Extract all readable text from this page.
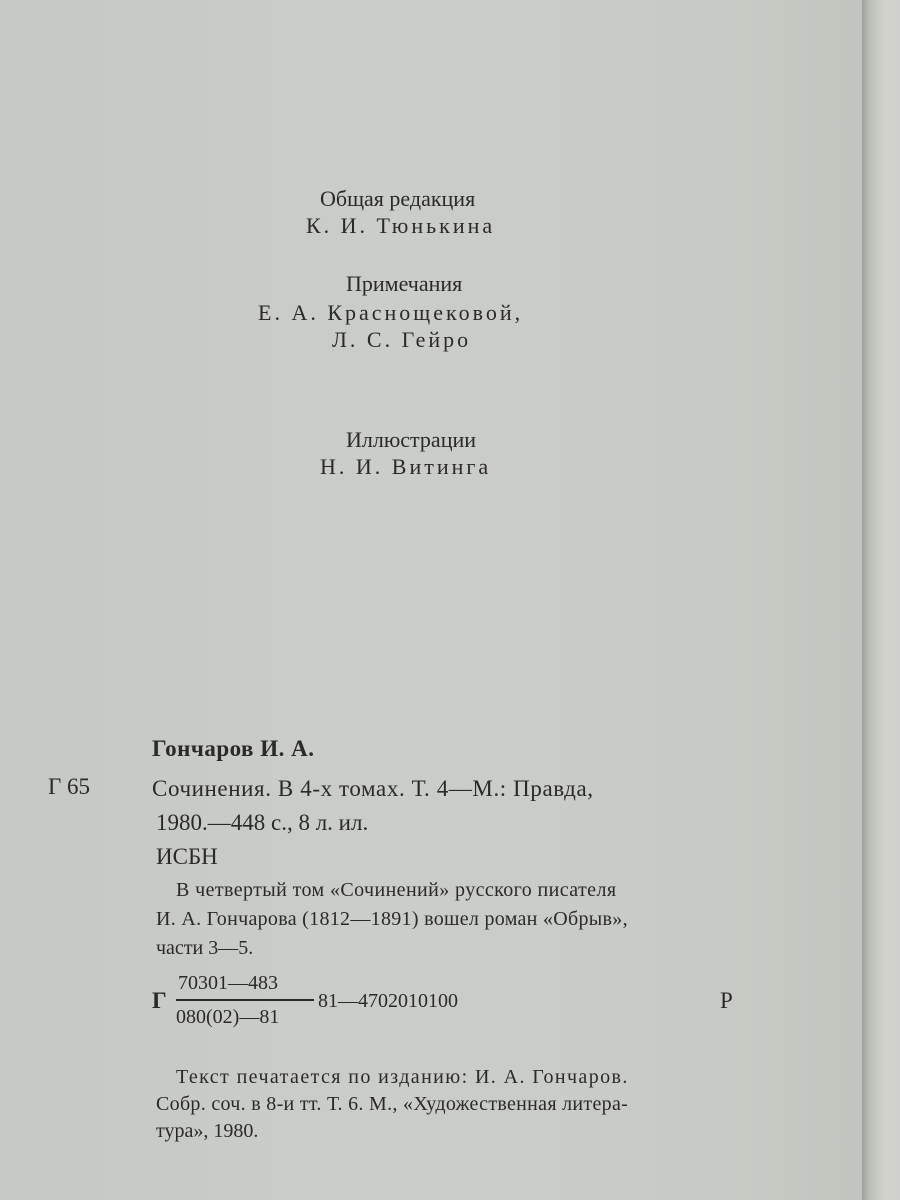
Общая редакция
К. И. Тюнькина
Примечания
Е. А. Краснощековой,
Л. С. Гейро
Иллюстрации
Н. И. Витинга
Гончаров И. А.
Г 65	Сочинения. В 4-х томах. Т. 4—М.: Правда,
1980.—448 с., 8 л. ил.
ИСБН
В четвертый том «Сочинений» русского писателя
И. А. Гончарова (1812—1891) вошел роман «Обрыв»,
части 3—5.
Г
70301—483
080(02)—81
81—4702010100	Р
Текст печатается по изданию: И. А. Гончаров.
Собр. соч. в 8-и тт. Т. 6. М., «Художественная литера-
тура», 1980.
